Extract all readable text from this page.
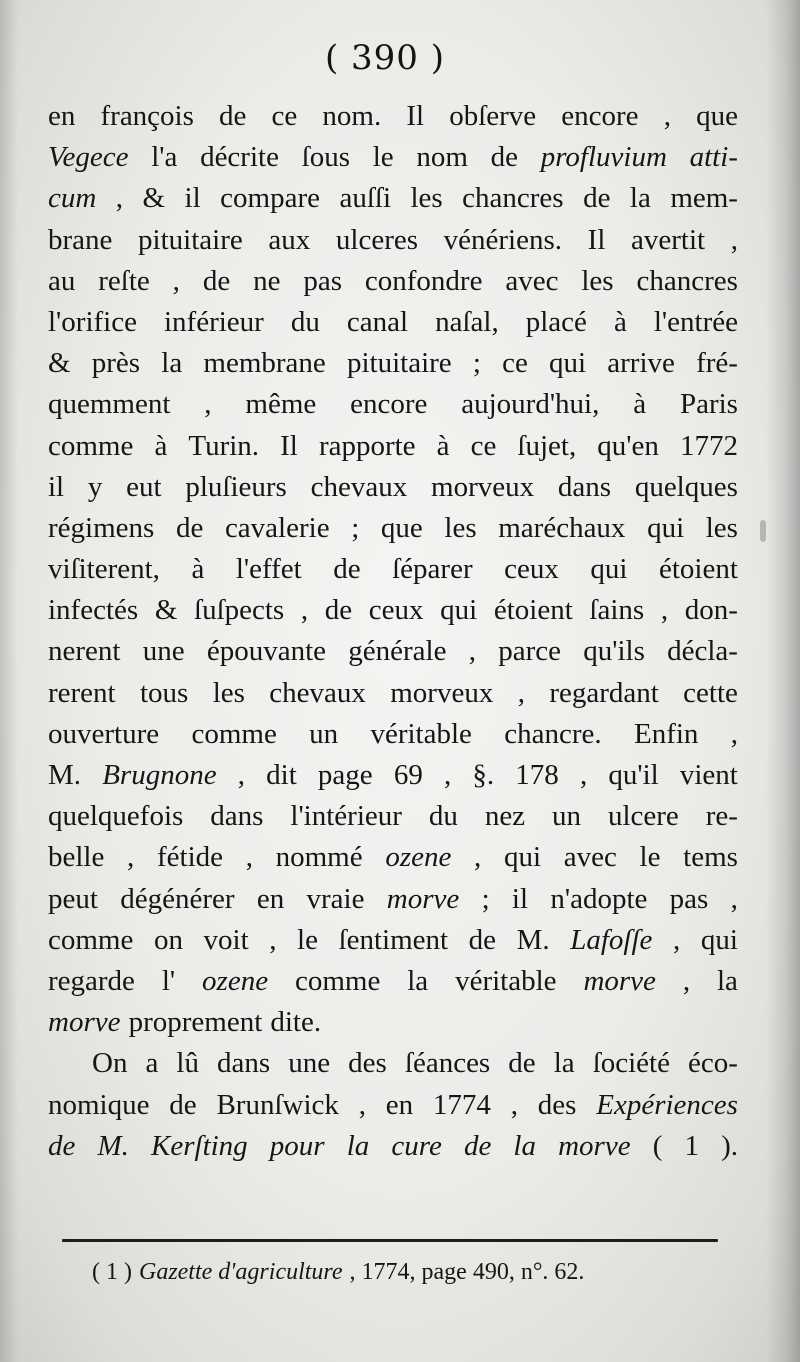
( 390 )
en françois de ce nom. Il obſerve encore , que
Vegece l'a décrite ſous le nom de profluvium atti-
cum , & il compare auſſi les chancres de la mem-
brane pituitaire aux ulceres vénériens. Il avertit ,
au reſte , de ne pas confondre avec les chancres
l'orifice inférieur du canal naſal, placé à l'entrée
& près la membrane pituitaire ; ce qui arrive fré-
quemment , même encore aujourd'hui, à Paris
comme à Turin. Il rapporte à ce ſujet, qu'en 1772
il y eut pluſieurs chevaux morveux dans quelques
régimens de cavalerie ; que les maréchaux qui les
viſiterent, à l'effet de ſéparer ceux qui étoient
infectés & ſuſpects , de ceux qui étoient ſains , don-
nerent une épouvante générale , parce qu'ils décla-
rerent tous les chevaux morveux , regardant cette
ouverture comme un véritable chancre. Enfin ,
M. Brugnone , dit page 69 , §. 178 , qu'il vient
quelquefois dans l'intérieur du nez un ulcere re-
belle , fétide , nommé ozene , qui avec le tems
peut dégénérer en vraie morve ; il n'adopte pas ,
comme on voit , le ſentiment de M. Lafoſſe , qui
regarde l' ozene comme la véritable morve , la
morve proprement dite.
On a lû dans une des ſéances de la ſociété éco-
nomique de Brunſwick , en 1774 , des Expériences
de M. Kerſting pour la cure de la morve ( 1 ).
( 1 ) Gazette d'agriculture , 1774, page 490, n°. 62.
